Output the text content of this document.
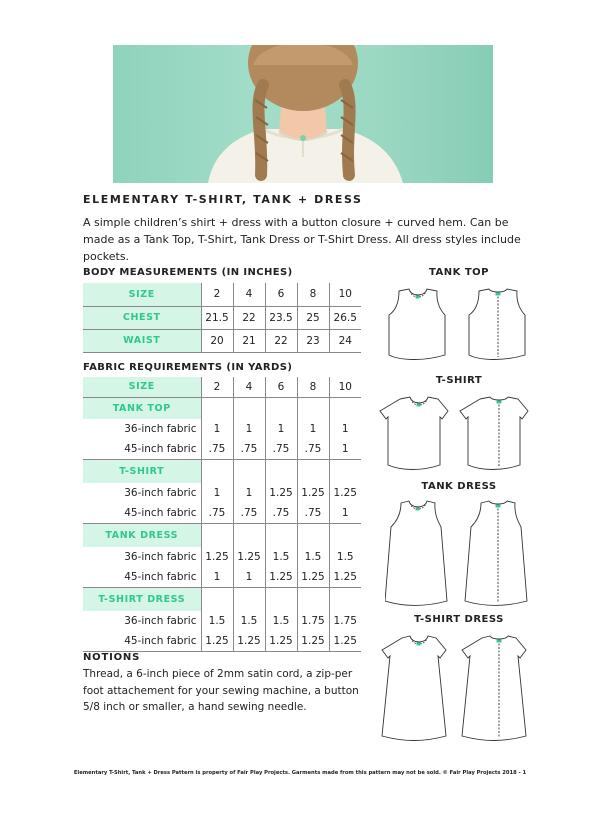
ELEMENTARY T-SHIRT, TANK + DRESS
A simple children’s shirt + dress with a button closure + curved hem. Can be made as a Tank Top, T-Shirt, Tank Dress or T-Shirt Dress. All dress styles include pockets.
BODY MEASUREMENTS (IN INCHES)
SIZE	2	4	6	8	10
CHEST	21.5	22	23.5	25	26.5
WAIST	20	21	22	23	24
FABRIC REQUIREMENTS (IN YARDS)
SIZE	2	4	6	8	10
TANK TOP					
36-inch fabric	1	1	1	1	1
45-inch fabric	.75	.75	.75	.75	1
T-SHIRT					
36-inch fabric	1	1	1.25	1.25	1.25
45-inch fabric	.75	.75	.75	.75	1
TANK DRESS					
36-inch fabric	1.25	1.25	1.5	1.5	1.5
45-inch fabric	1	1	1.25	1.25	1.25
T-SHIRT DRESS					
36-inch fabric	1.5	1.5	1.5	1.75	1.75
45-inch fabric	1.25	1.25	1.25	1.25	1.25
NOTIONS
Thread, a 6-inch piece of 2mm satin cord, a zip-per foot attachement for your sewing machine, a button 5/8 inch or smaller, a hand sewing needle.
TANK TOP
T-SHIRT
TANK DRESS
T-SHIRT DRESS
Elementary T-Shirt, Tank + Dress Pattern is property of Fair Play Projects. Garments made from this pattern may not be sold. © Fair Play Projects 2018 - 1
